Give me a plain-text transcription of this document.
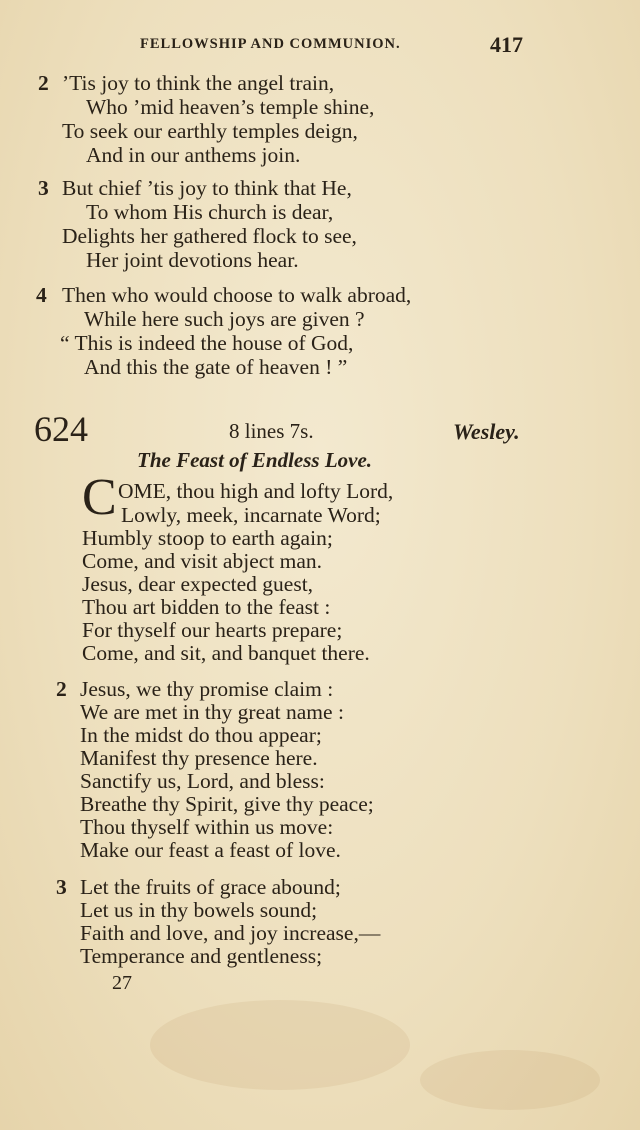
FELLOWSHIP AND COMMUNION.	417
2 ’Tis joy to think the angel train,
Who ’mid heaven’s temple shine,
To seek our earthly temples deign,
And in our anthems join.
3 But chief ’tis joy to think that He,
To whom His church is dear,
Delights her gathered flock to see,
Her joint devotions hear.
4 Then who would choose to walk abroad,
While here such joys are given ?
“ This is indeed the house of God,
And this the gate of heaven ! ”
624	8 lines 7s.	Wesley.
The Feast of Endless Love.
C OME, thou high and lofty Lord,
Lowly, meek, incarnate Word;
Humbly stoop to earth again;
Come, and visit abject man.
Jesus, dear expected guest,
Thou art bidden to the feast :
For thyself our hearts prepare;
Come, and sit, and banquet there.
2 Jesus, we thy promise claim :
We are met in thy great name :
In the midst do thou appear;
Manifest thy presence here.
Sanctify us, Lord, and bless:
Breathe thy Spirit, give thy peace;
Thou thyself within us move:
Make our feast a feast of love.
3 Let the fruits of grace abound;
Let us in thy bowels sound;
Faith and love, and joy increase,—
Temperance and gentleness;
27
